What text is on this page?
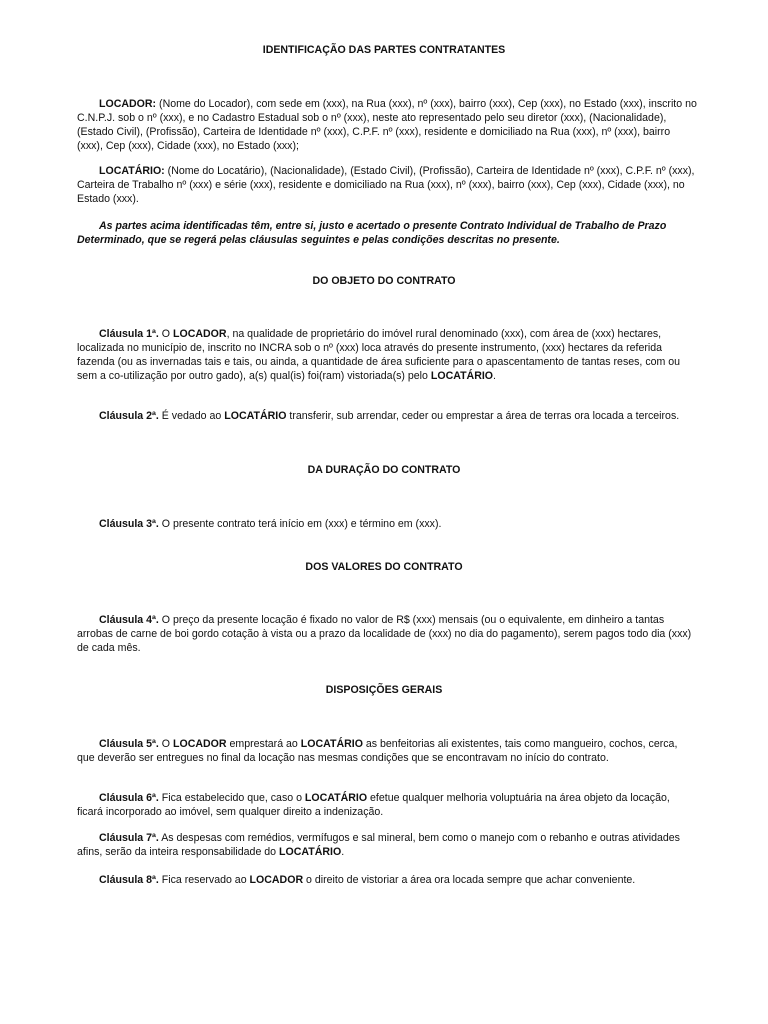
IDENTIFICAÇÃO DAS PARTES CONTRATANTES

LOCADOR: (Nome do Locador), com sede em (xxx), na Rua (xxx), nº (xxx), bairro (xxx), Cep (xxx), no Estado (xxx), inscrito no C.N.P.J. sob o nº (xxx), e no Cadastro Estadual sob o nº (xxx), neste ato representado pelo seu diretor (xxx), (Nacionalidade), (Estado Civil), (Profissão), Carteira de Identidade nº (xxx), C.P.F. nº (xxx), residente e domiciliado na Rua (xxx), nº (xxx), bairro (xxx), Cep (xxx), Cidade (xxx), no Estado (xxx);

LOCATÁRIO: (Nome do Locatário), (Nacionalidade), (Estado Civil), (Profissão), Carteira de Identidade nº (xxx), C.P.F. nº (xxx), Carteira de Trabalho nº (xxx) e série (xxx), residente e domiciliado na Rua (xxx), nº (xxx), bairro (xxx), Cep (xxx), Cidade (xxx), no Estado (xxx).

As partes acima identificadas têm, entre si, justo e acertado o presente Contrato Individual de Trabalho de Prazo Determinado, que se regerá pelas cláusulas seguintes e pelas condições descritas no presente.

DO OBJETO DO CONTRATO

Cláusula 1ª. O LOCADOR, na qualidade de proprietário do imóvel rural denominado (xxx), com área de (xxx) hectares, localizada no município de, inscrito no INCRA sob o nº (xxx) loca através do presente instrumento, (xxx) hectares da referida fazenda (ou as invernadas tais e tais, ou ainda, a quantidade de área suficiente para o apascentamento de tantas reses, com ou sem a co-utilização por outro gado), a(s) qual(is) foi(ram) vistoriada(s) pelo LOCATÁRIO.

Cláusula 2ª. É vedado ao LOCATÁRIO transferir, sub arrendar, ceder ou emprestar a área de terras ora locada a terceiros.

DA DURAÇÃO DO CONTRATO

Cláusula 3ª. O presente contrato terá início em (xxx) e término em (xxx).

DOS VALORES DO CONTRATO

Cláusula 4ª. O preço da presente locação é fixado no valor de R$ (xxx) mensais (ou o equivalente, em dinheiro a tantas arrobas de carne de boi gordo cotação à vista ou a prazo da localidade de (xxx) no dia do pagamento), serem pagos todo dia (xxx) de cada mês.

DISPOSIÇÕES GERAIS

Cláusula 5ª. O LOCADOR emprestará ao LOCATÁRIO as benfeitorias ali existentes, tais como mangueiro, cochos, cerca, que deverão ser entregues no final da locação nas mesmas condições que se encontravam no início do contrato.

Cláusula 6ª. Fica estabelecido que, caso o LOCATÁRIO efetue qualquer melhoria voluptuária na área objeto da locação, ficará incorporado ao imóvel, sem qualquer direito a indenização.

Cláusula 7ª. As despesas com remédios, vermífugos e sal mineral, bem como o manejo com o rebanho e outras atividades afins, serão da inteira responsabilidade do LOCATÁRIO.

Cláusula 8ª. Fica reservado ao LOCADOR o direito de vistoriar a área ora locada sempre que achar conveniente.
